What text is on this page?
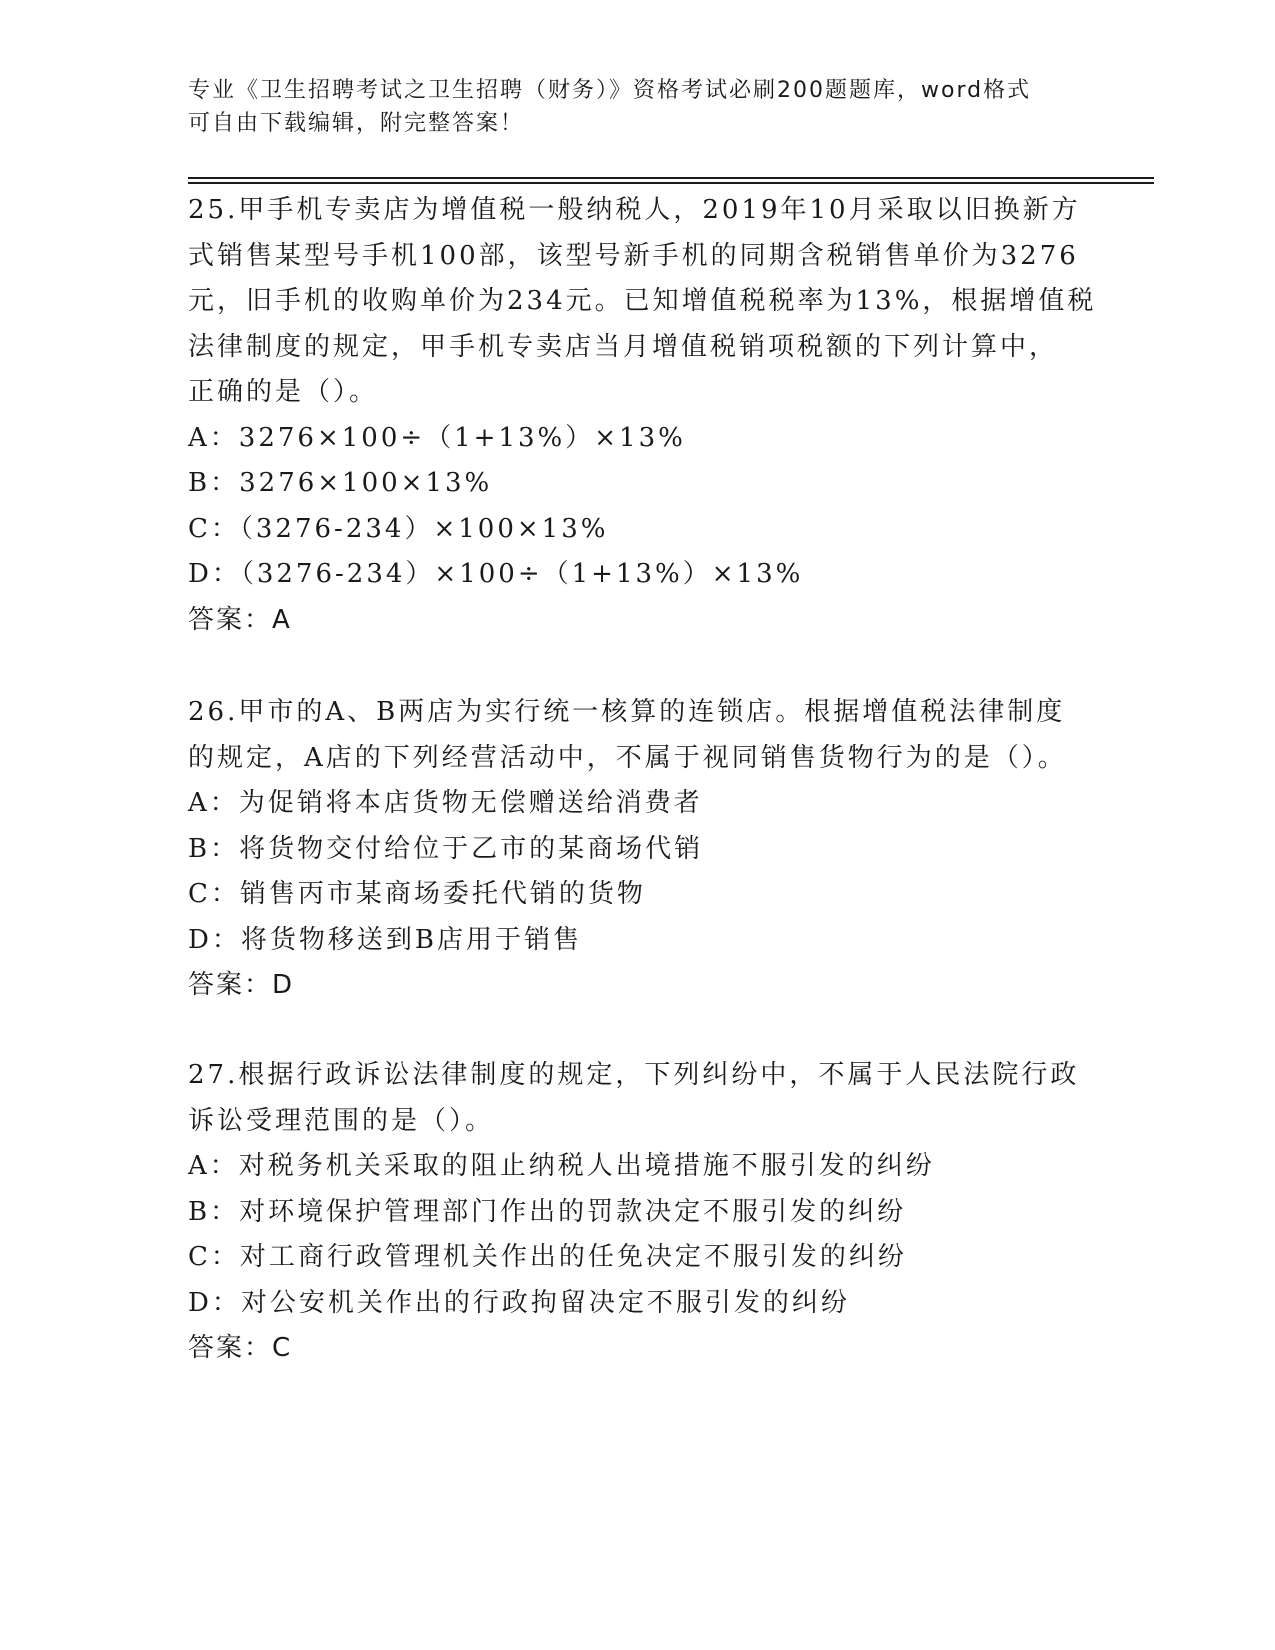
专业《卫生招聘考试之卫生招聘（财务）》资格考试必刷200题题库，word格式
可自由下载编辑，附完整答案！
25.甲手机专卖店为增值税一般纳税人，2019年10月采取以旧换新方
式销售某型号手机100部，该型号新手机的同期含税销售单价为3276
元，旧手机的收购单价为234元。已知增值税税率为13%，根据增值税
法律制度的规定，甲手机专卖店当月增值税销项税额的下列计算中，
正确的是（）。
A：3276×100÷（1+13%）×13%
B：3276×100×13%
C：（3276-234）×100×13%
D：（3276-234）×100÷（1+13%）×13%
答案：A
26.甲市的A、B两店为实行统一核算的连锁店。根据增值税法律制度
的规定，A店的下列经营活动中，不属于视同销售货物行为的是（）。
A：为促销将本店货物无偿赠送给消费者
B：将货物交付给位于乙市的某商场代销
C：销售丙市某商场委托代销的货物
D：将货物移送到B店用于销售
答案：D
27.根据行政诉讼法律制度的规定，下列纠纷中，不属于人民法院行政
诉讼受理范围的是（）。
A：对税务机关采取的阻止纳税人出境措施不服引发的纠纷
B：对环境保护管理部门作出的罚款决定不服引发的纠纷
C：对工商行政管理机关作出的任免决定不服引发的纠纷
D：对公安机关作出的行政拘留决定不服引发的纠纷
答案：C
